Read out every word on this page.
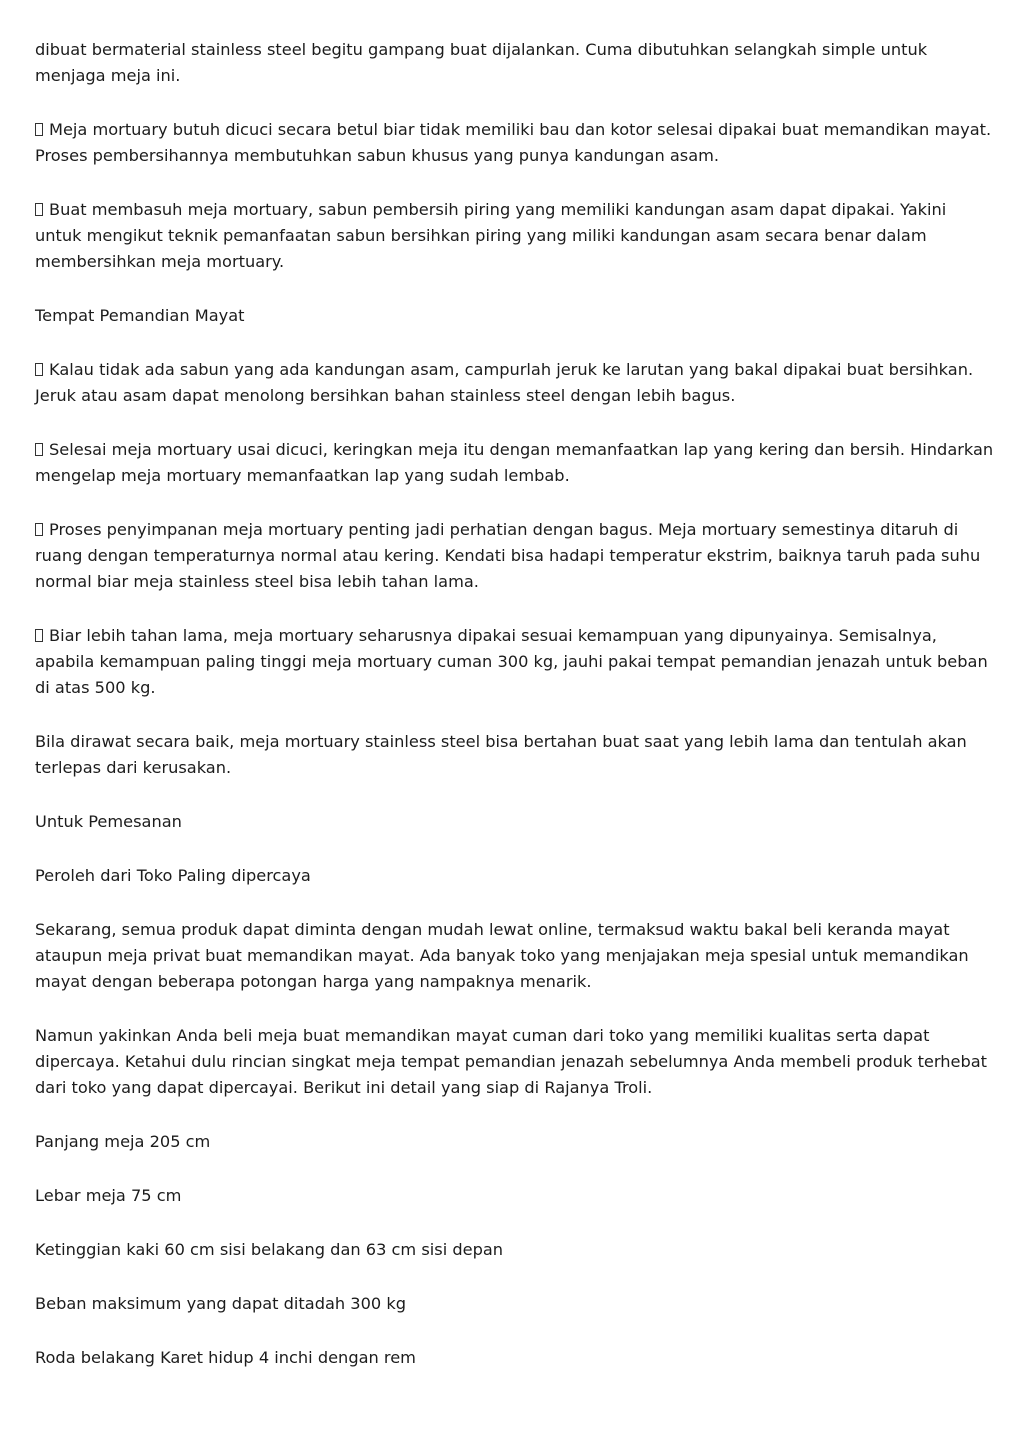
dibuat bermaterial stainless steel begitu gampang buat dijalankan. Cuma dibutuhkan selangkah simple untuk menjaga meja ini.

Meja mortuary butuh dicuci secara betul biar tidak memiliki bau dan kotor selesai dipakai buat memandikan mayat. Proses pembersihannya membutuhkan sabun khusus yang punya kandungan asam.

Buat membasuh meja mortuary, sabun pembersih piring yang memiliki kandungan asam dapat dipakai. Yakini untuk mengikut teknik pemanfaatan sabun bersihkan piring yang miliki kandungan asam secara benar dalam membersihkan meja mortuary.

Tempat Pemandian Mayat

Kalau tidak ada sabun yang ada kandungan asam, campurlah jeruk ke larutan yang bakal dipakai buat bersihkan. Jeruk atau asam dapat menolong bersihkan bahan stainless steel dengan lebih bagus.

Selesai meja mortuary usai dicuci, keringkan meja itu dengan memanfaatkan lap yang kering dan bersih. Hindarkan mengelap meja mortuary memanfaatkan lap yang sudah lembab.

Proses penyimpanan meja mortuary penting jadi perhatian dengan bagus. Meja mortuary semestinya ditaruh di ruang dengan temperaturnya normal atau kering. Kendati bisa hadapi temperatur ekstrim, baiknya taruh pada suhu normal biar meja stainless steel bisa lebih tahan lama.

Biar lebih tahan lama, meja mortuary seharusnya dipakai sesuai kemampuan yang dipunyainya. Semisalnya, apabila kemampuan paling tinggi meja mortuary cuman 300 kg, jauhi pakai tempat pemandian jenazah untuk beban di atas 500 kg.

Bila dirawat secara baik, meja mortuary stainless steel bisa bertahan buat saat yang lebih lama dan tentulah akan terlepas dari kerusakan.

Untuk Pemesanan

Peroleh dari Toko Paling dipercaya

Sekarang, semua produk dapat diminta dengan mudah lewat online, termaksud waktu bakal beli keranda mayat ataupun meja privat buat memandikan mayat. Ada banyak toko yang menjajakan meja spesial untuk memandikan mayat dengan beberapa potongan harga yang nampaknya menarik.

Namun yakinkan Anda beli meja buat memandikan mayat cuman dari toko yang memiliki kualitas serta dapat dipercaya. Ketahui dulu rincian singkat meja tempat pemandian jenazah sebelumnya Anda membeli produk terhebat dari toko yang dapat dipercayai. Berikut ini detail yang siap di Rajanya Troli.

Panjang meja 205 cm

Lebar meja 75 cm

Ketinggian kaki 60 cm sisi belakang dan 63 cm sisi depan

Beban maksimum yang dapat ditadah 300 kg

Roda belakang Karet hidup 4 inchi dengan rem
